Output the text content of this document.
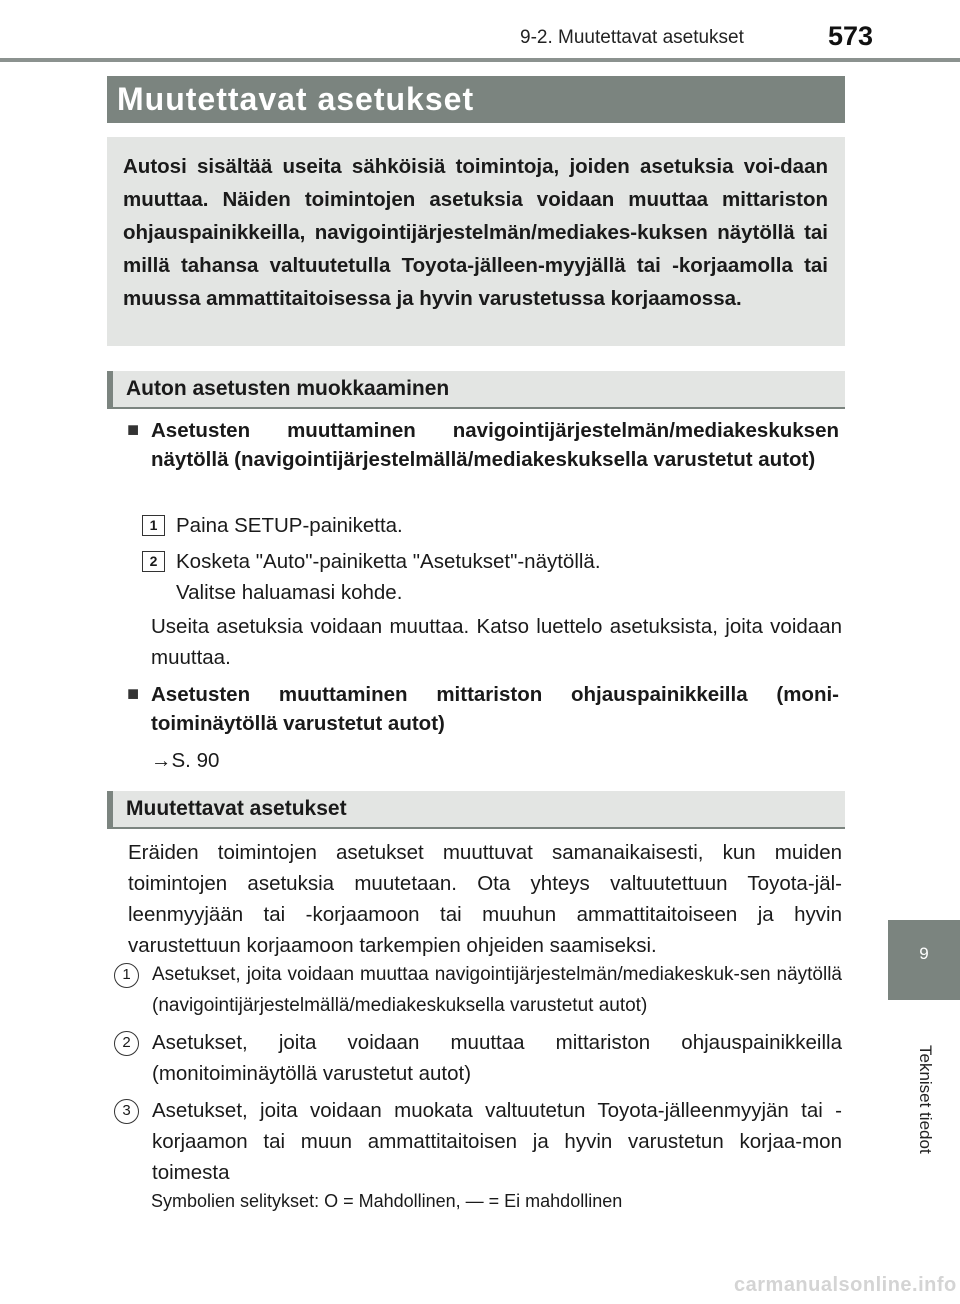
9-2. Muutettavat asetukset	573
Muutettavat asetukset

Autosi sisältää useita sähköisiä toimintoja, joiden asetuksia voi-daan muuttaa. Näiden toimintojen asetuksia voidaan muuttaa mittariston ohjauspainikkeilla, navigointijärjestelmän/mediakes-kuksen näytöllä tai millä tahansa valtuutetulla Toyota-jälleen-myyjällä tai -korjaamolla tai muussa ammattitaitoisessa ja hyvin varustetussa korjaamossa.

Auton asetusten muokkaaminen
■ Asetusten muuttaminen navigointijärjestelmän/mediakeskuksen näytöllä (navigointijärjestelmällä/mediakeskuksella varustetut autot)
1 Paina SETUP-painiketta.
2 Kosketa "Auto"-painiketta "Asetukset"-näytöllä.
Valitse haluamasi kohde.
Useita asetuksia voidaan muuttaa. Katso luettelo asetuksista, joita voidaan muuttaa.
■ Asetusten muuttaminen mittariston ohjauspainikkeilla (moni-toiminäytöllä varustetut autot)
→S. 90
Muutettavat asetukset
Eräiden toimintojen asetukset muuttuvat samanaikaisesti, kun muiden toimintojen asetuksia muutetaan. Ota yhteys valtuutettuun Toyota-jäl-leenmyyjään tai -korjaamoon tai muuhun ammattitaitoiseen ja hyvin varustettuun korjaamoon tarkempien ohjeiden saamiseksi.
1	Asetukset, joita voidaan muuttaa navigointijärjestelmän/mediakeskuk-sen näytöllä (navigointijärjestelmällä/mediakeskuksella varustetut autot)
2	Asetukset, joita voidaan muuttaa mittariston ohjauspainikkeilla (monitoiminäytöllä varustetut autot)
3	Asetukset, joita voidaan muokata valtuutetun Toyota-jälleenmyyjän tai -korjaamon tai muun ammattitaitoisen ja hyvin varustetun korjaa-mon toimesta
Symbolien selitykset: O = Mahdollinen, — = Ei mahdollinen
9
Tekniset tiedot
carmanualsonline.info
